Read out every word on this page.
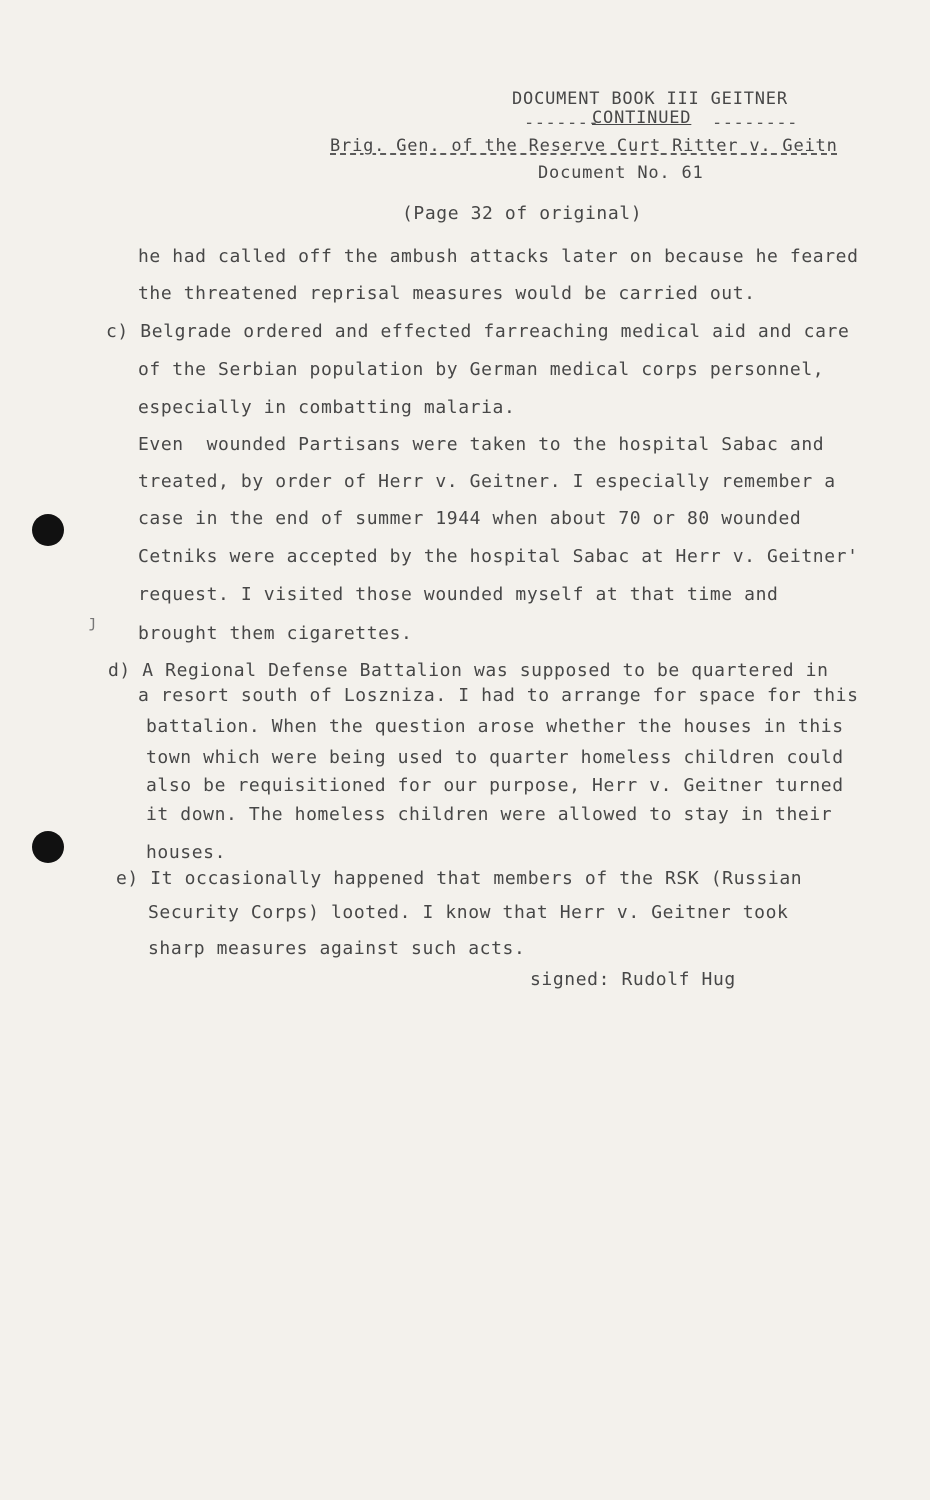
DOCUMENT BOOK III GEITNER
-------
CONTINUED --------
Brig. Gen. of the Reserve Curt Ritter v. Geitn
Document No. 61
(Page 32 of original)
he had called off the ambush attacks later on because he feared
the threatened reprisal measures would be carried out.
c) Belgrade ordered and effected farreaching medical aid and care
of the Serbian population by German medical corps personnel,
especially in combatting malaria.
Even  wounded Partisans were taken to the hospital Sabac and
treated, by order of Herr v. Geitner. I especially remember a
case in the end of summer 1944 when about 70 or 80 wounded
Cetniks were accepted by the hospital Sabac at Herr v. Geitner'
request. I visited those wounded myself at that time and
brought them cigarettes.
ȷ
d) A Regional Defense Battalion was supposed to be quartered in
a resort south of Loszniza. I had to arrange for space for this
battalion. When the question arose whether the houses in this
town which were being used to quarter homeless children could
also be requisitioned for our purpose, Herr v. Geitner turned
it down. The homeless children were allowed to stay in their
houses.
e) It occasionally happened that members of the RSK (Russian
Security Corps) looted. I know that Herr v. Geitner took
sharp measures against such acts.
signed: Rudolf Hug
